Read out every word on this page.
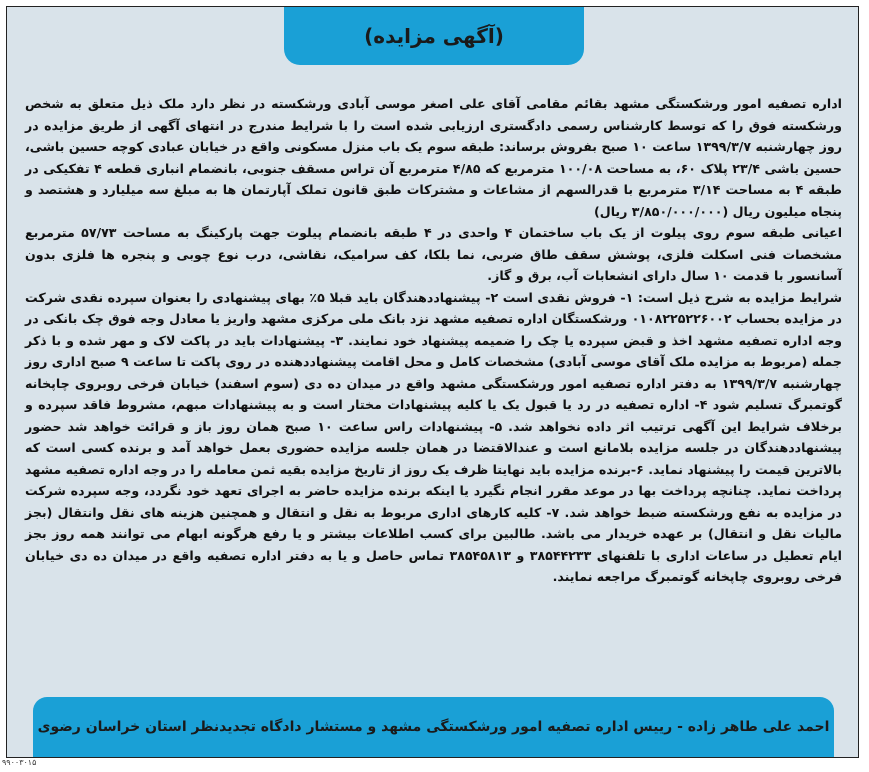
(آگهی مزایده)

اداره تصفیه امور ورشکستگی مشهد بقائم مقامی آقای علی اصغر موسی آبادی ورشکسته در نظر دارد ملک ذیل متعلق به شخص ورشکسته فوق را که توسط کارشناس رسمی دادگستری ارزیابی شده است را با شرایط مندرج در انتهای آگهی از طریق مزایده در روز چهارشنبه ۱۳۹۹/۳/۷ ساعت ۱۰ صبح بفروش برساند: طبقه سوم یک باب منزل مسکونی واقع در خیابان عبادی کوچه حسین باشی، حسین باشی ۲۳/۴ پلاک ۶۰، به مساحت ۱۰۰/۰۸ مترمربع که ۴/۸۵ مترمربع آن تراس مسقف جنوبی، بانضمام انباری قطعه ۴ تفکیکی در طبقه ۴ به مساحت ۳/۱۴ مترمربع با قدرالسهم از مشاعات و مشترکات طبق قانون تملک آپارتمان ها به مبلغ سه میلیارد و هشتصد و پنجاه میلیون ریال (۳/۸۵۰/۰۰۰/۰۰۰ ریال)

اعیانی طبقه سوم روی پیلوت از یک باب ساختمان ۴ واحدی در ۴ طبقه بانضمام پیلوت جهت پارکینگ به مساحت ۵۷/۷۳ مترمربع مشخصات فنی اسکلت فلزی، پوشش سقف طاق ضربی، نما بلکا، کف سرامیک، نقاشی، درب نوع چوبی و پنجره ها فلزی بدون آسانسور با قدمت ۱۰ سال دارای انشعابات آب، برق و گاز.

شرایط مزایده به شرح ذیل است: ۱- فروش نقدی است ۲- پیشنهاددهندگان باید قبلا ۵٪ بهای پیشنهادی را بعنوان سپرده نقدی شرکت در مزایده بحساب ۰۱۰۸۲۲۵۲۲۶۰۰۲ ورشکستگان اداره تصفیه مشهد نزد بانک ملی مرکزی مشهد واریز یا معادل وجه فوق چک بانکی در وجه اداره تصفیه مشهد اخذ و قبض سپرده یا چک را ضمیمه پیشنهاد خود نمایند. ۳- پیشنهادات باید در پاکت لاک و مهر شده و با ذکر جمله (مربوط به مزایده ملک آقای موسی آبادی) مشخصات کامل و محل اقامت پیشنهاددهنده در روی پاکت تا ساعت ۹ صبح اداری روز چهارشنبه ۱۳۹۹/۳/۷ به دفتر اداره تصفیه امور ورشکستگی مشهد واقع در میدان ده دی (سوم اسفند) خیابان فرخی روبروی چاپخانه گوتمبرگ تسلیم شود ۴- اداره تصفیه در رد یا قبول یک یا کلیه پیشنهادات مختار است و به پیشنهادات مبهم، مشروط فاقد سپرده و برخلاف شرایط این آگهی ترتیب اثر داده نخواهد شد. ۵- پیشنهادات راس ساعت ۱۰ صبح همان روز باز و قرائت خواهد شد حضور پیشنهاددهندگان در جلسه مزایده بلامانع است و عندالاقتضا در همان جلسه مزایده حضوری بعمل خواهد آمد و برنده کسی است که بالاترین قیمت را پیشنهاد نماید. ۶-برنده مزایده باید نهایتا ظرف یک روز از تاریخ مزایده بقیه ثمن معامله را در وجه اداره تصفیه مشهد پرداخت نماید. چنانچه پرداخت بها در موعد مقرر انجام نگیرد یا اینکه برنده مزایده حاضر به اجرای تعهد خود نگردد، وجه سپرده شرکت در مزایده به نفع ورشکسته ضبط خواهد شد. ۷- کلیه کارهای اداری مربوط به نقل و انتقال و همچنین هزینه های نقل وانتقال (بجز مالیات نقل و انتقال) بر عهده خریدار می باشد. طالبین برای کسب اطلاعات بیشتر و یا رفع هرگونه ابهام می توانند همه روز بجز ایام تعطیل در ساعات اداری با تلفنهای ۳۸۵۴۴۲۳۳ و ۳۸۵۴۵۸۱۳ تماس حاصل و یا به دفتر اداره تصفیه واقع در میدان ده دی خیابان فرخی روبروی چاپخانه گوتمبرگ مراجعه نمایند.

احمد علی طاهر زاده - رییس اداره تصفیه امور ورشکستگی مشهد و مستشار دادگاه تجدیدنظر استان خراسان رضوی
۹۹۰۰۳۰۱۵
